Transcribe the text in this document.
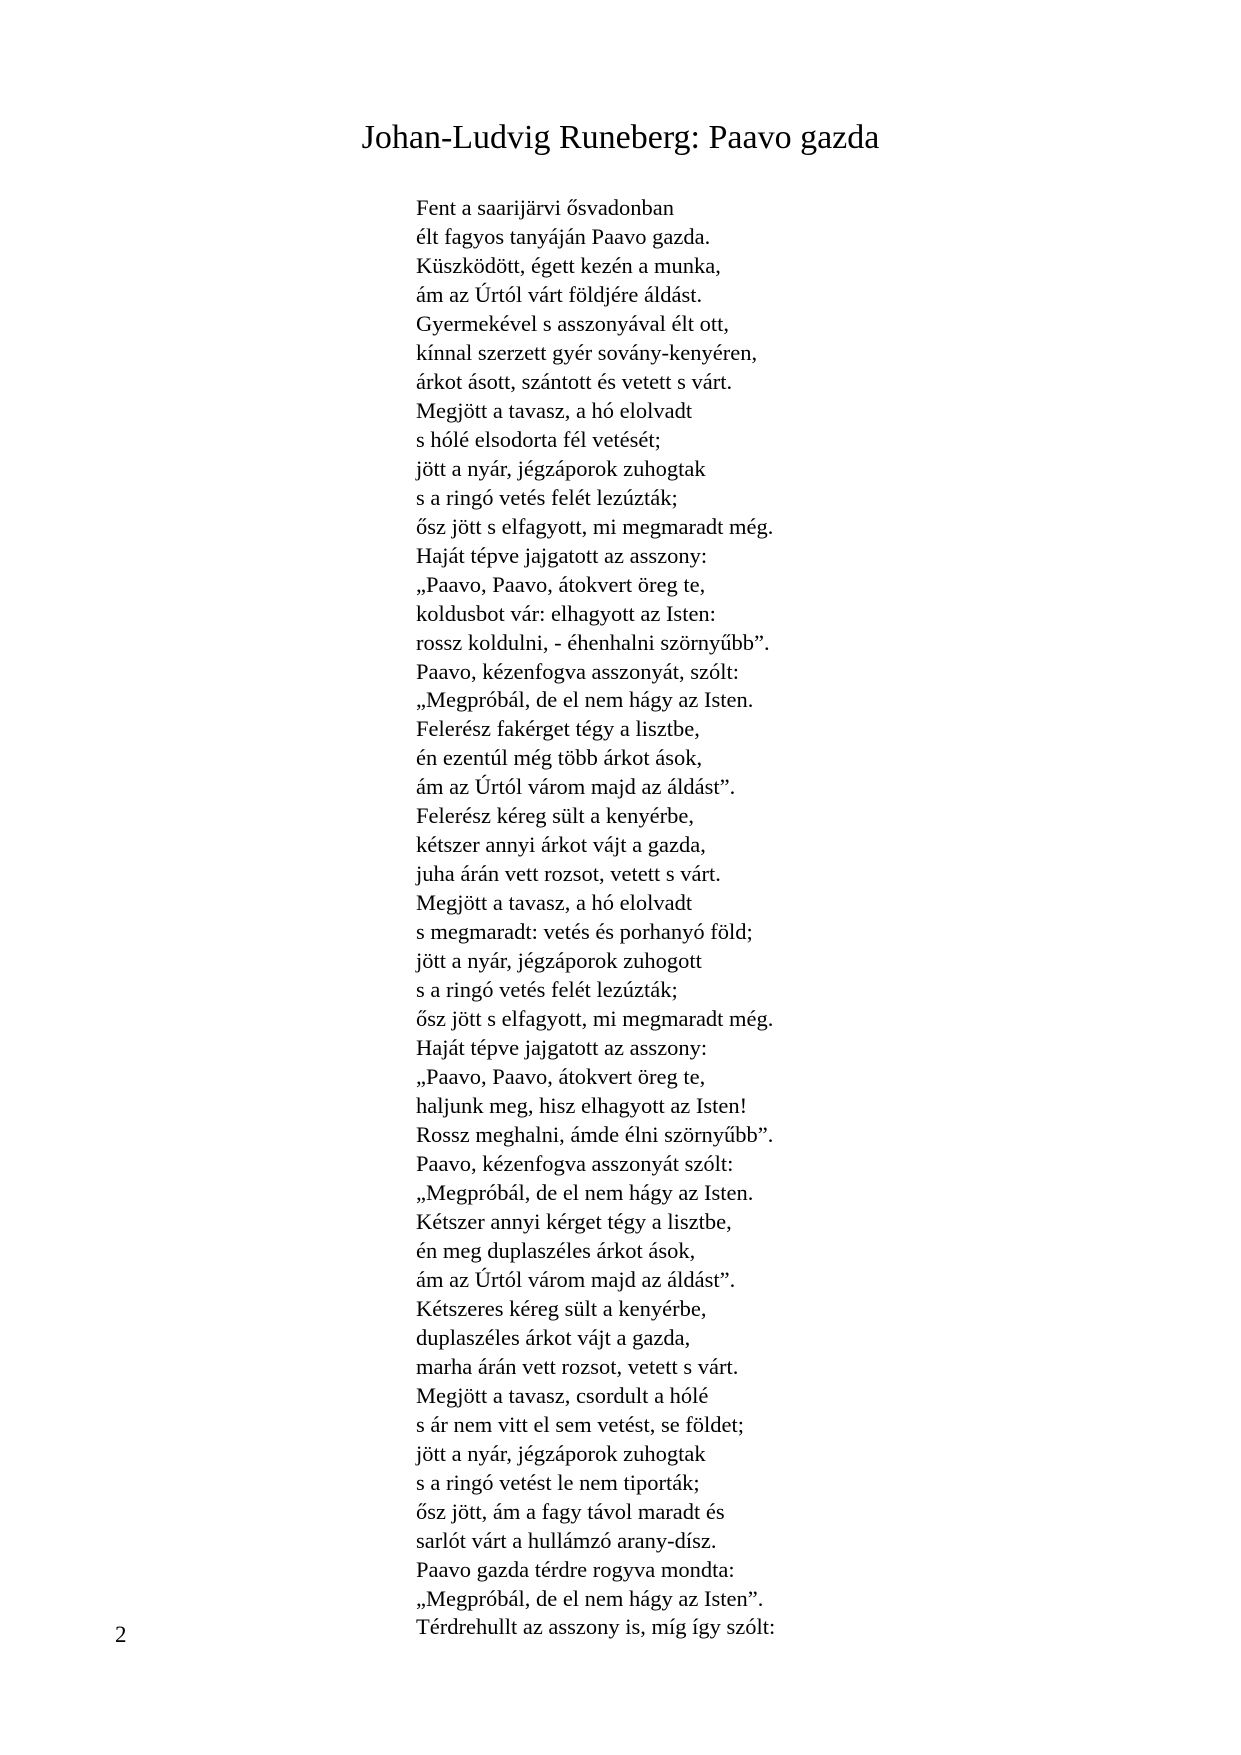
Johan-Ludvig Runeberg: Paavo gazda
Fent a saarijärvi ősvadonban
élt fagyos tanyáján Paavo gazda.
Küszködött, égett kezén a munka,
ám az Úrtól várt földjére áldást.
Gyermekével s asszonyával élt ott,
kínnal szerzett gyér sovány-kenyéren,
árkot ásott, szántott és vetett s várt.
Megjött a tavasz, a hó elolvadt
s hólé elsodorta fél vetését;
jött a nyár, jégzáporok zuhogtak
s a ringó vetés felét lezúzták;
ősz jött s elfagyott, mi megmaradt még.
Haját tépve jajgatott az asszony:
„Paavo, Paavo, átokvert öreg te,
koldusbot vár: elhagyott az Isten:
rossz koldulni, - éhenhalni szörnyűbb”.
Paavo, kézenfogva asszonyát, szólt:
„Megpróbál, de el nem hágy az Isten.
Felerész fakérget tégy a lisztbe,
én ezentúl még több árkot ások,
ám az Úrtól várom majd az áldást”.
Felerész kéreg sült a kenyérbe,
kétszer annyi árkot vájt a gazda,
juha árán vett rozsot, vetett s várt.
Megjött a tavasz, a hó elolvadt
s megmaradt: vetés és porhanyó föld;
jött a nyár, jégzáporok zuhogott
s a ringó vetés felét lezúzták;
ősz jött s elfagyott, mi megmaradt még.
Haját tépve jajgatott az asszony:
„Paavo, Paavo, átokvert öreg te,
haljunk meg, hisz elhagyott az Isten!
Rossz meghalni, ámde élni szörnyűbb”.
Paavo, kézenfogva asszonyát szólt:
„Megpróbál, de el nem hágy az Isten.
Kétszer annyi kérget tégy a lisztbe,
én meg duplaszéles árkot ások,
ám az Úrtól várom majd az áldást”.
Kétszeres kéreg sült a kenyérbe,
duplaszéles árkot vájt a gazda,
marha árán vett rozsot, vetett s várt.
Megjött a tavasz, csordult a hólé
s ár nem vitt el sem vetést, se földet;
jött a nyár, jégzáporok zuhogtak
s a ringó vetést le nem tiporták;
ősz jött, ám a fagy távol maradt és
sarlót várt a hullámzó arany-dísz.
Paavo gazda térdre rogyva mondta:
„Megpróbál, de el nem hágy az Isten”.
Térdrehullt az asszony is, míg így szólt:
2
